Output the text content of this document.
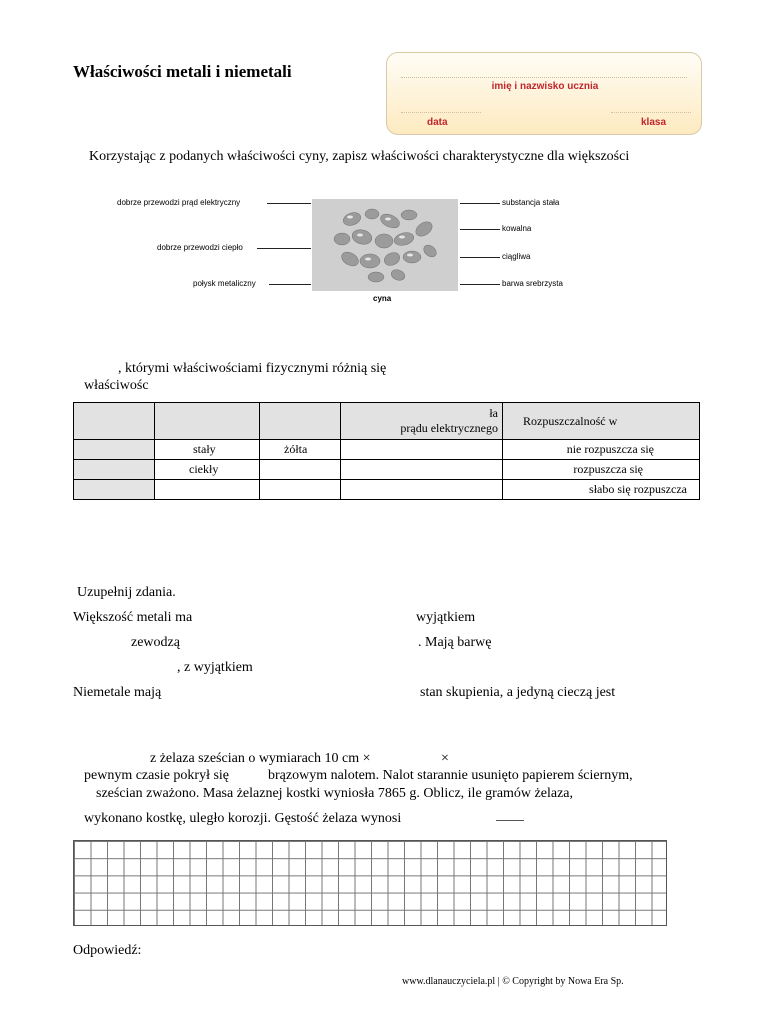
Właściwości metali i niemetali
imię i nazwisko ucznia
data	klasa
Korzystając z podanych właściwości cyny, zapisz właściwości charakterystyczne dla większości
dobrze przewodzi prąd elektryczny
dobrze przewodzi ciepło
połysk metaliczny
cyna
substancja stała
kowalna
ciągliwa
barwa srebrzysta
, którymi właściwościami fizycznymi różnią się
właściwośc
			ła
prądu elektrycznego	Rozpuszczalność w
	stały	żółta		nie rozpuszcza się
	ciekły			rozpuszcza się
				słabo się rozpuszcza
Uzupełnij zdania.
Większość metali ma	wyjątkiem
zewodzą	. Mają barwę
, z wyjątkiem
Niemetale mają	stan skupienia, a jedyną cieczą jest
z żelaza sześcian o wymiarach 10 cm ×	×
pewnym czasie pokrył się	brązowym nalotem. Nalot starannie usunięto papierem ściernym,
sześcian zważono. Masa żelaznej kostki wyniosła 7865 g. Oblicz, ile gramów żelaza,
wykonano kostkę, uległo korozji. Gęstość żelaza wynosi
Odpowiedź:
www.dlanauczyciela.pl | © Copyright by Nowa Era Sp.
